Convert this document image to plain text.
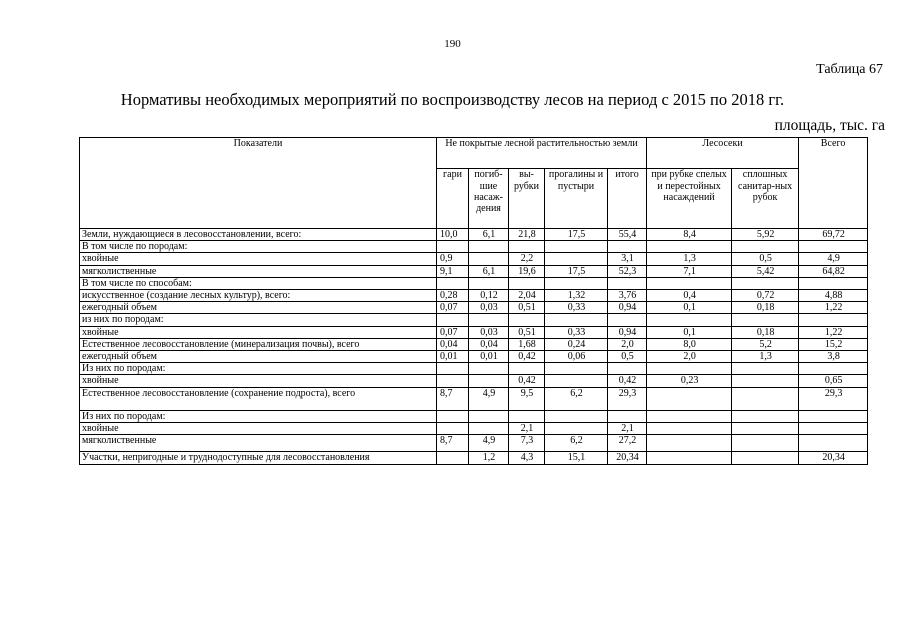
190
Таблица 67
Нормативы необходимых мероприятий по воспроизводству лесов на период с 2015 по 2018 гг.
площадь, тыс. га
Показатели	Не покрытые лесной растительностью земли					Лесосеки		Всего
	гари	погиб-шие насаж-дения	вы-рубки	прогалины и пустыри	итого	при рубке спелых и перестойных насаждений	сплошных санитар-ных рубок	
Земли, нуждающиеся в лесовосстановлении, всего:	10,0	6,1	21,8	17,5	55,4	8,4	5,92	69,72
В том числе по породам:								
хвойные	0,9		2,2		3,1	1,3	0,5	4,9
мягколиственные	9,1	6,1	19,6	17,5	52,3	7,1	5,42	64,82
В том числе по способам:								
искусственное (создание лесных культур), всего:	0,28	0,12	2,04	1,32	3,76	0,4	0,72	4,88
ежегодный объем	0,07	0,03	0,51	0,33	0,94	0,1	0,18	1,22
из них по породам:								
хвойные	0,07	0,03	0,51	0,33	0,94	0,1	0,18	1,22
Естественное лесовосстановление (минерализация почвы), всего	0,04	0,04	1,68	0,24	2,0	8,0	5,2	15,2
ежегодный объем	0,01	0,01	0,42	0,06	0,5	2,0	1,3	3,8
Из них по породам:								
хвойные			0,42		0,42	0,23		0,65
Естественное лесовосстановление (сохранение подроста), всего	8,7	4,9	9,5	6,2	29,3			29,3
Из них по породам:								
хвойные			2,1		2,1			
мягколиственные	8,7	4,9	7,3	6,2	27,2			
Участки, непригодные и труднодоступные для лесовосстановления		1,2	4,3	15,1	20,34			20,34
